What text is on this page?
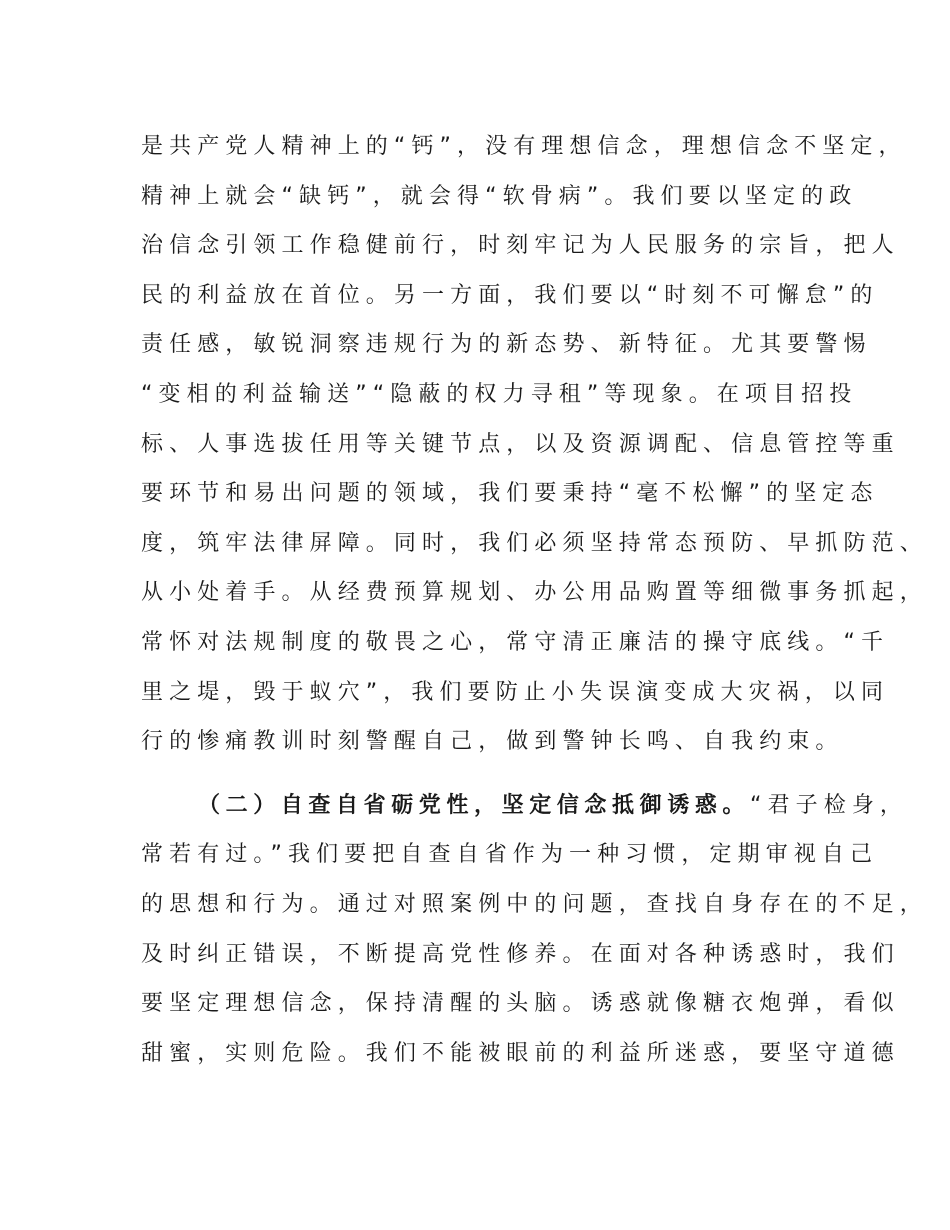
是共产党人精神上的“钙”，没有理想信念，理想信念不坚定，
精神上就会“缺钙”，就会得“软骨病”。我们要以坚定的政
治信念引领工作稳健前行，时刻牢记为人民服务的宗旨，把人
民的利益放在首位。另一方面，我们要以“时刻不可懈怠”的
责任感，敏锐洞察违规行为的新态势、新特征。尤其要警惕
“变相的利益输送”“隐蔽的权力寻租”等现象。在项目招投
标、人事选拔任用等关键节点，以及资源调配、信息管控等重
要环节和易出问题的领域，我们要秉持“毫不松懈”的坚定态
度，筑牢法律屏障。同时，我们必须坚持常态预防、早抓防范、
从小处着手。从经费预算规划、办公用品购置等细微事务抓起，
常怀对法规制度的敬畏之心，常守清正廉洁的操守底线。“千
里之堤，毁于蚁穴”，我们要防止小失误演变成大灾祸，以同
行的惨痛教训时刻警醒自己，做到警钟长鸣、自我约束。
（二）自查自省砺党性，坚定信念抵御诱惑。“君子检身，
常若有过。”我们要把自查自省作为一种习惯，定期审视自己
的思想和行为。通过对照案例中的问题，查找自身存在的不足，
及时纠正错误，不断提高党性修养。在面对各种诱惑时，我们
要坚定理想信念，保持清醒的头脑。诱惑就像糖衣炮弹，看似
甜蜜，实则危险。我们不能被眼前的利益所迷惑，要坚守道德
